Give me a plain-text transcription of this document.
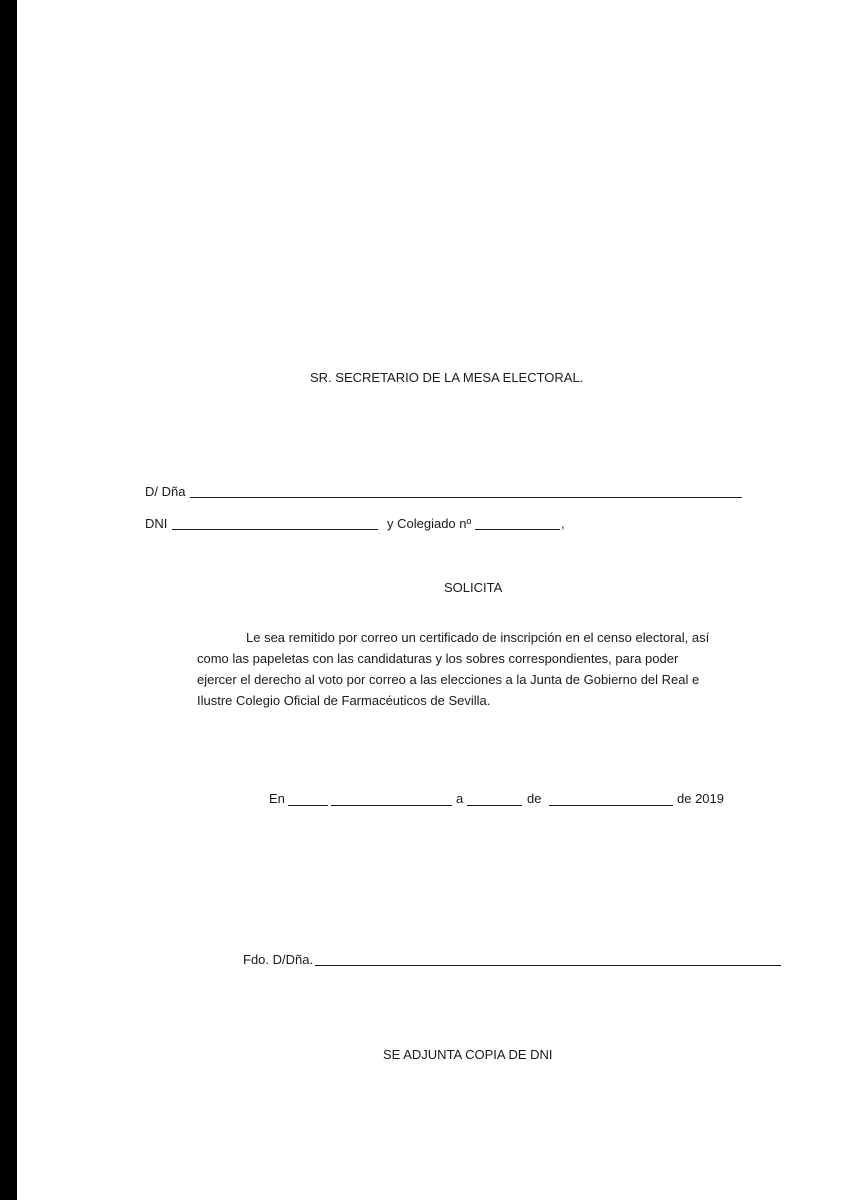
SR. SECRETARIO DE LA MESA ELECTORAL.
D/ Dña
DNI	y Colegiado nº	,
SOLICITA
Le sea remitido por correo un certificado de inscripción en el censo electoral, así
como las papeletas con las candidaturas y los sobres correspondientes, para poder
ejercer el derecho al voto por correo a las elecciones a la Junta de Gobierno del Real e
Ilustre Colegio Oficial de Farmacéuticos de Sevilla.
En	a	de	de 2019
Fdo. D/Dña.
SE ADJUNTA COPIA DE DNI
